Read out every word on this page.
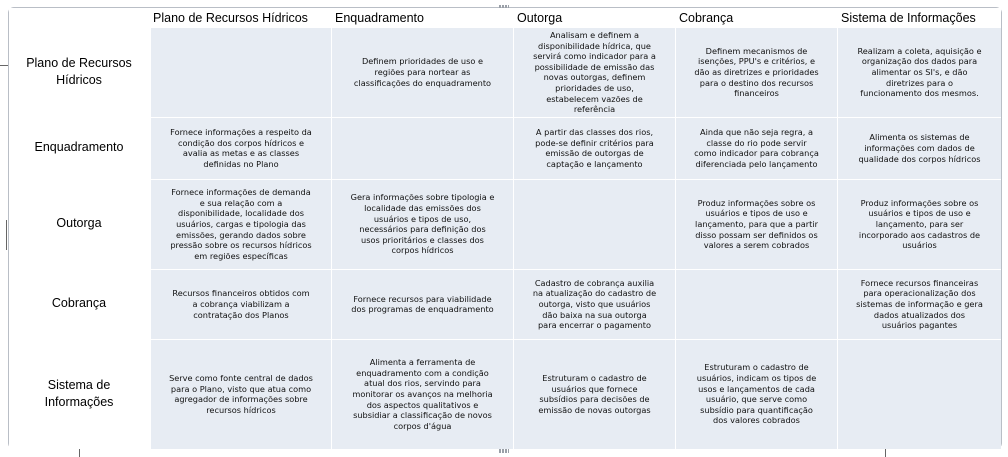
	Plano de Recursos Hídricos	Enquadramento	Outorga	Cobrança	Sistema de Informações
Plano de Recursos Hídricos		Definem prioridades de uso e regiões para nortear as classificações do enquadramento	Analisam e definem a disponibilidade hídrica, que servirá como indicador para a possibilidade de emissão das novas outorgas, definem prioridades de uso, estabelecem vazões de referência	Definem mecanismos de isenções, PPU's e critérios, e dão as diretrizes e prioridades para o destino dos recursos financeiros	Realizam a coleta, aquisição e organização dos dados para alimentar os SI's, e dão diretrizes para o funcionamento dos mesmos.
Enquadramento	Fornece informações a respeito da condição dos corpos hídricos e avalia as metas e as classes definidas no Plano		A partir das classes dos rios, pode-se definir critérios para emissão de outorgas de captação e lançamento	Ainda que não seja regra, a classe do rio pode servir como indicador para cobrança diferenciada pelo lançamento	Alimenta os sistemas de informações com dados de qualidade dos corpos hídricos
Outorga	Fornece informações de demanda e sua relação com a disponibilidade, localidade dos usuários, cargas e tipologia das emissões, gerando dados sobre pressão sobre os recursos hídricos em regiões específicas	Gera informações sobre tipologia e localidade das emissões dos usuários e tipos de uso, necessários para definição dos usos prioritários e classes dos corpos hídricos		Produz informações sobre os usuários e tipos de uso e lançamento, para que a partir disso possam ser definidos os valores a serem cobrados	Produz informações sobre os usuários e tipos de uso e lançamento, para ser incorporado aos cadastros de usuários
Cobrança	Recursos financeiros obtidos com a cobrança viabilizam a contratação dos Planos	Fornece recursos para viabilidade dos programas de enquadramento	Cadastro de cobrança auxilia na atualização do cadastro de outorga, visto que usuários dão baixa na sua outorga para encerrar o pagamento		Fornece recursos financeiras para operacionalização dos sistemas de informação e gera dados atualizados dos usuários pagantes
Sistema de Informações	Serve como fonte central de dados para o Plano, visto que atua como agregador de informações sobre recursos hídricos	Alimenta a ferramenta de enquadramento com a condição atual dos rios, servindo para monitorar os avanços na melhoria dos aspectos qualitativos e subsidiar a classificação de novos corpos d'água	Estruturam o cadastro de usuários que fornece subsídios para decisões de emissão de novas outorgas	Estruturam o cadastro de usuários, indicam os tipos de usos e lançamentos de cada usuário, que serve como subsídio para quantificação dos valores cobrados	
